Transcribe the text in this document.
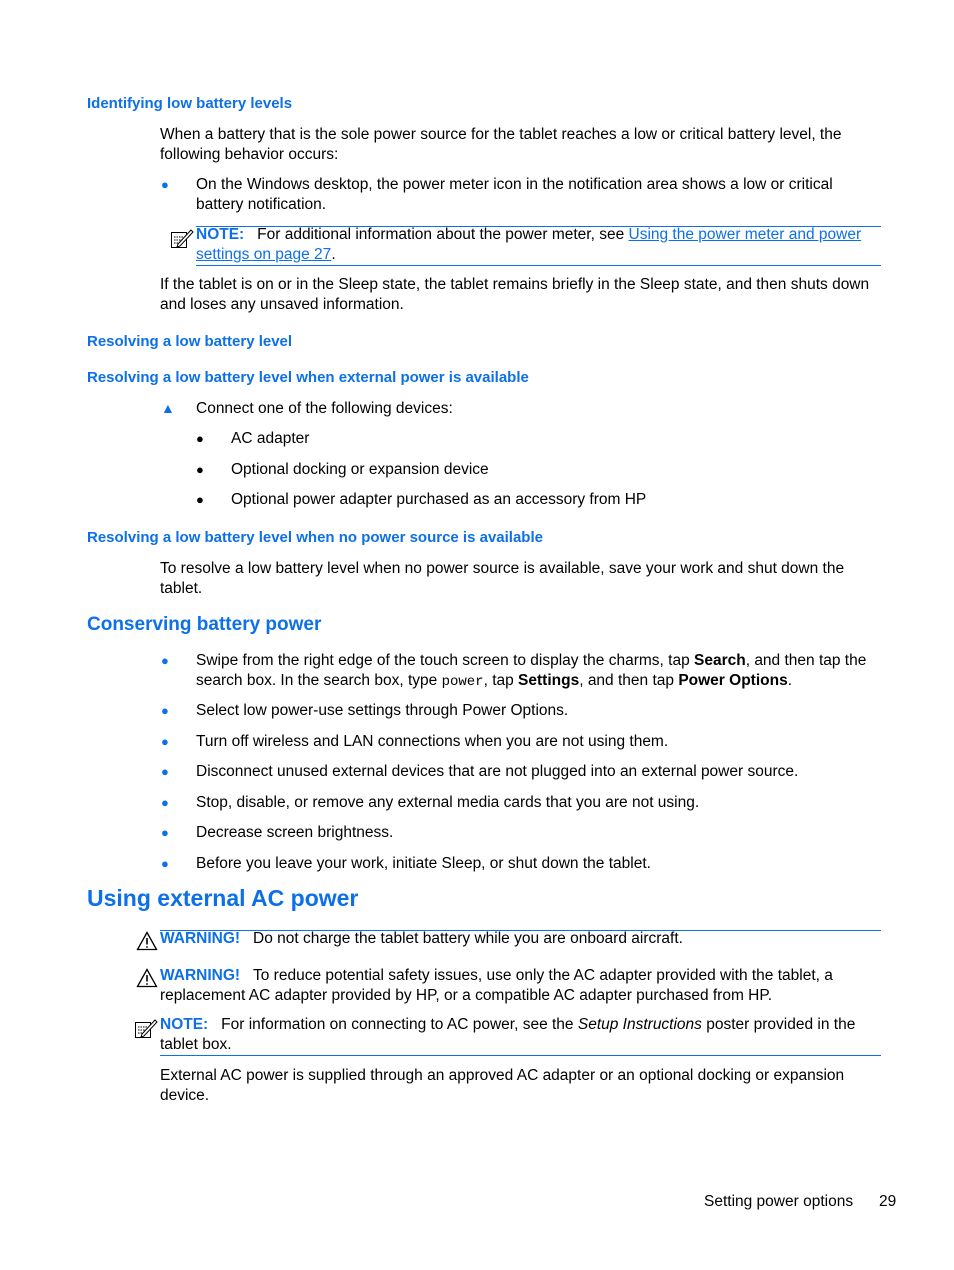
Identifying low battery levels
When a battery that is the sole power source for the tablet reaches a low or critical battery level, the following behavior occurs:
● On the Windows desktop, the power meter icon in the notification area shows a low or critical battery notification.
NOTE: For additional information about the power meter, see Using the power meter and power settings on page 27.
If the tablet is on or in the Sleep state, the tablet remains briefly in the Sleep state, and then shuts down and loses any unsaved information.
Resolving a low battery level
Resolving a low battery level when external power is available
▲ Connect one of the following devices:
● AC adapter
● Optional docking or expansion device
● Optional power adapter purchased as an accessory from HP
Resolving a low battery level when no power source is available
To resolve a low battery level when no power source is available, save your work and shut down the tablet.
Conserving battery power
● Swipe from the right edge of the touch screen to display the charms, tap Search, and then tap the search box. In the search box, type power, tap Settings, and then tap Power Options.
● Select low power-use settings through Power Options.
● Turn off wireless and LAN connections when you are not using them.
● Disconnect unused external devices that are not plugged into an external power source.
● Stop, disable, or remove any external media cards that you are not using.
● Decrease screen brightness.
● Before you leave your work, initiate Sleep, or shut down the tablet.
Using external AC power
WARNING! Do not charge the tablet battery while you are onboard aircraft.
WARNING! To reduce potential safety issues, use only the AC adapter provided with the tablet, a replacement AC adapter provided by HP, or a compatible AC adapter purchased from HP.
NOTE: For information on connecting to AC power, see the Setup Instructions poster provided in the tablet box.
External AC power is supplied through an approved AC adapter or an optional docking or expansion device.
Setting power options 29
